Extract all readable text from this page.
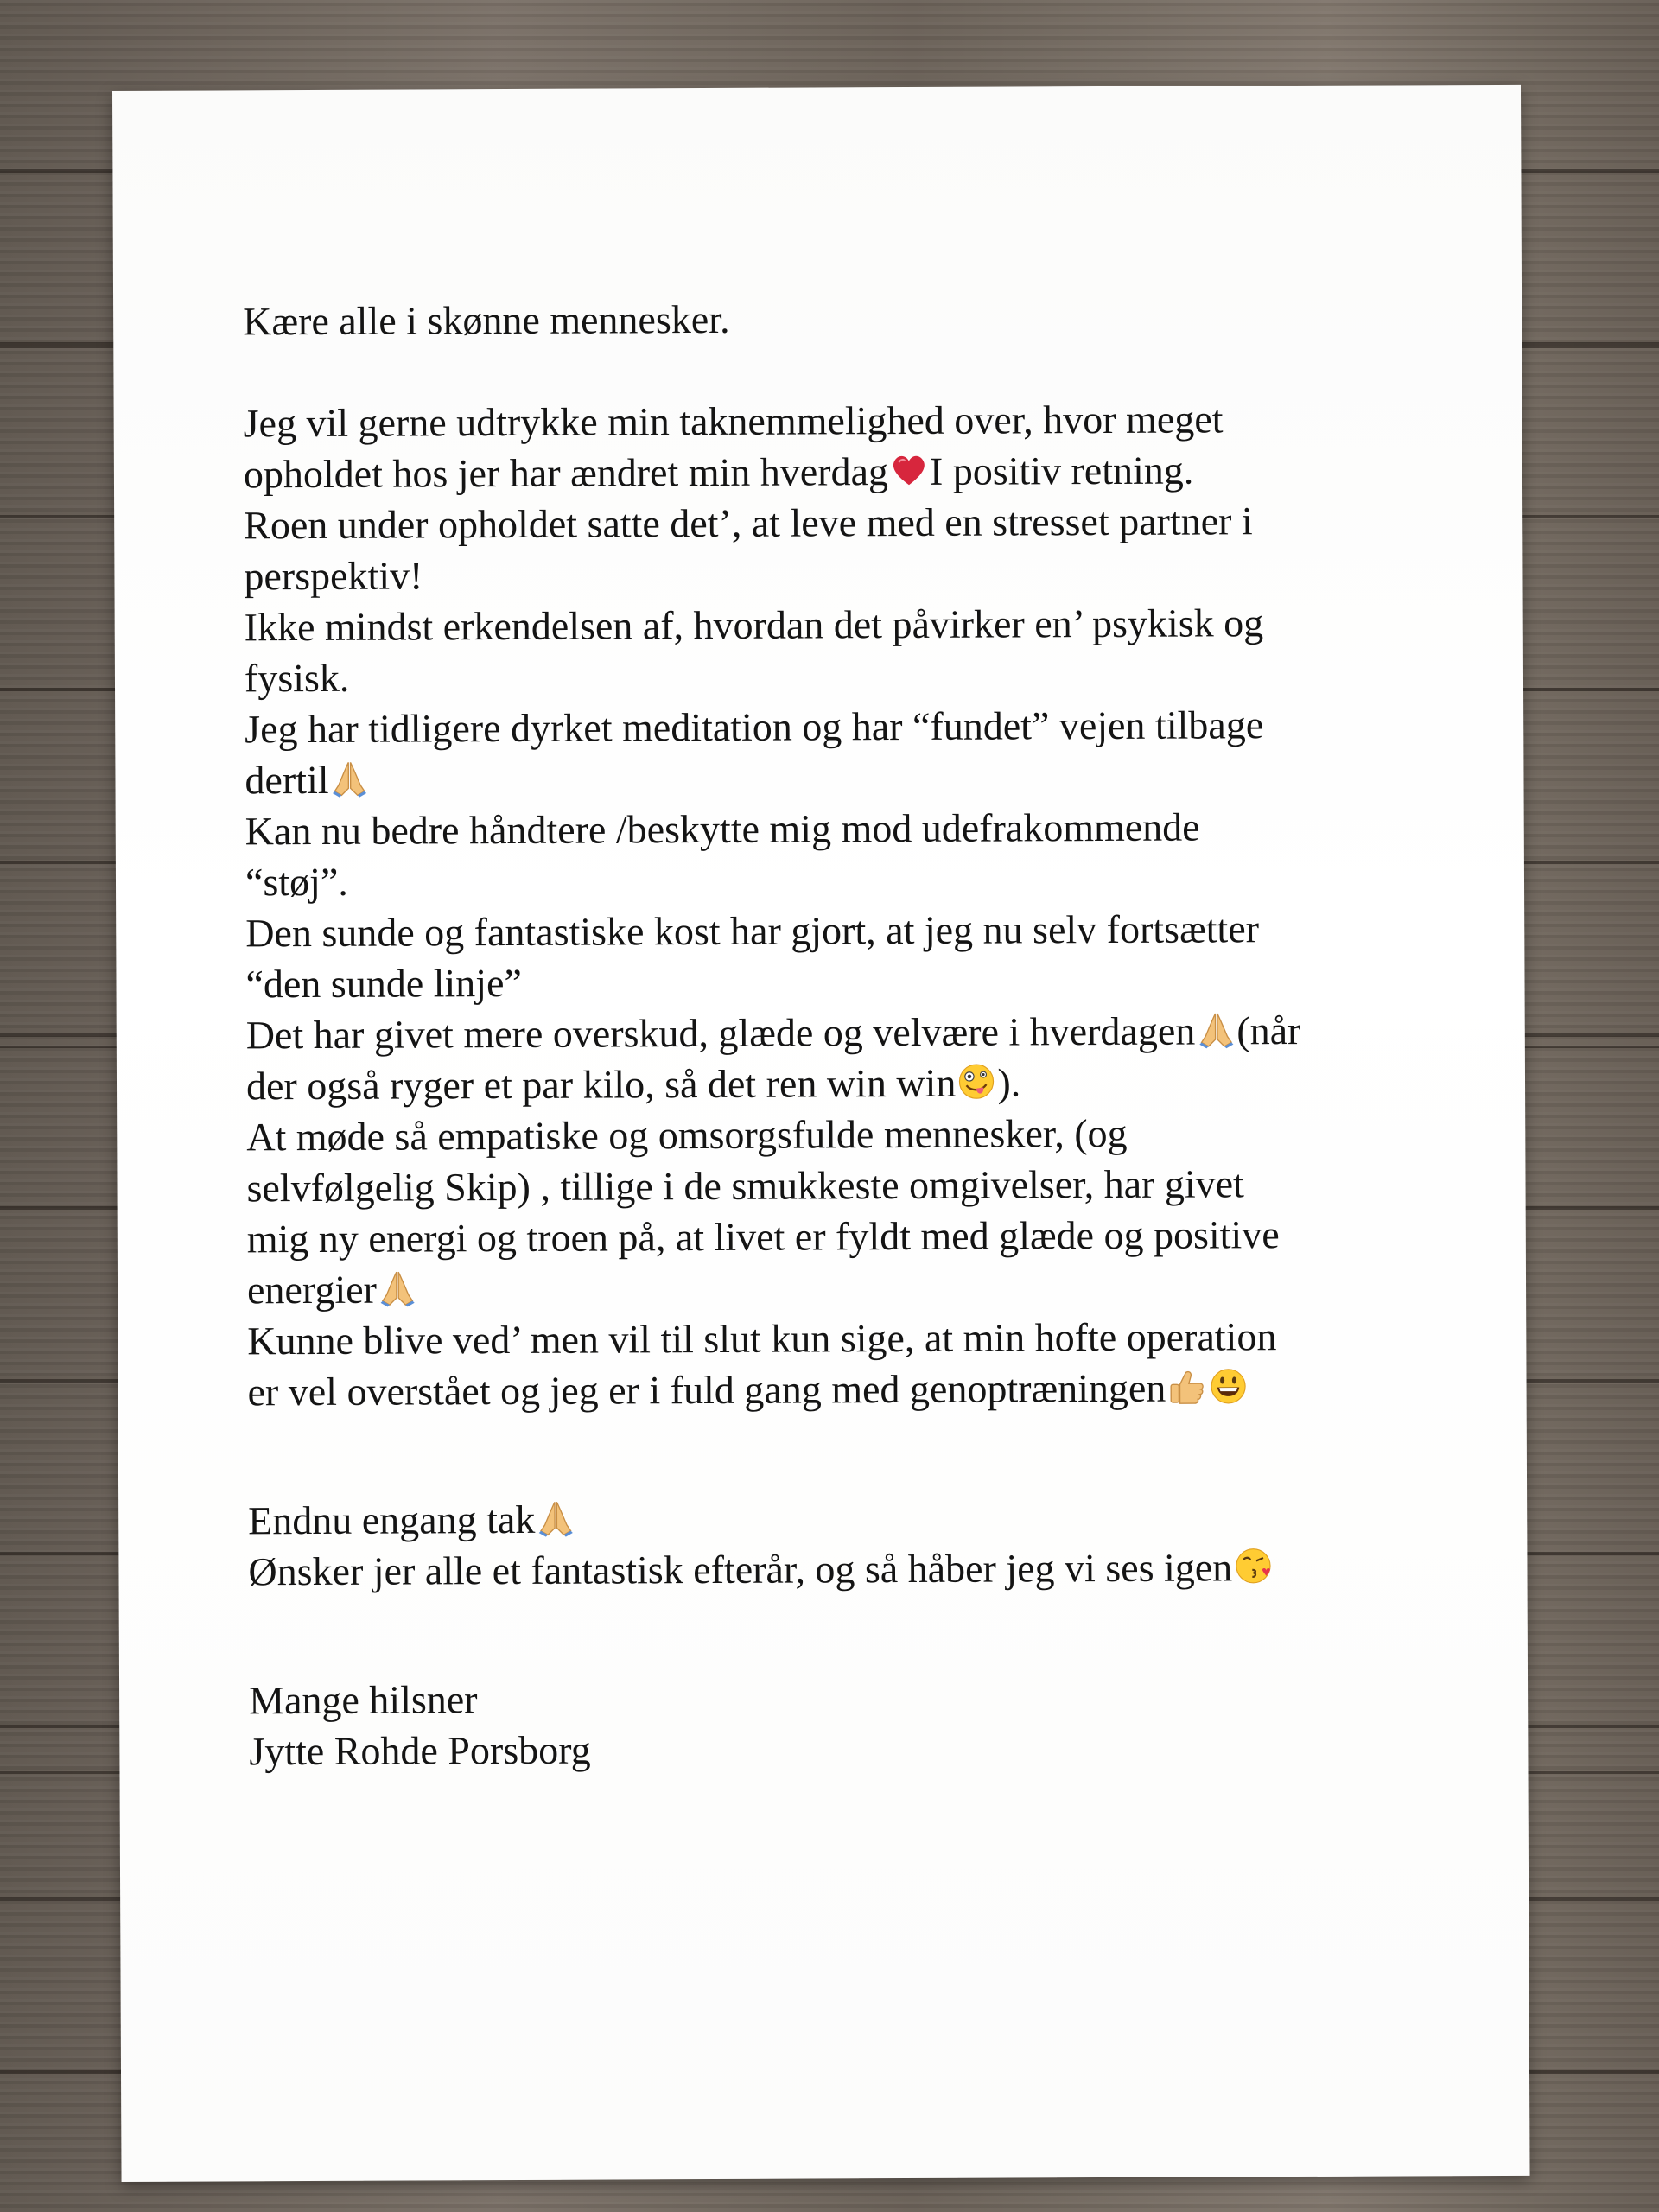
Kære alle i skønne mennesker.
Jeg vil gerne udtrykke min taknemmelighed over, hvor meget
opholdet hos jer har ændret min hverdag I positiv retning.
Roen under opholdet satte det’, at leve med en stresset partner i
perspektiv!
Ikke mindst erkendelsen af, hvordan det påvirker en’ psykisk og
fysisk.
Jeg har tidligere dyrket meditation og har “fundet” vejen tilbage
dertil
Kan nu bedre håndtere /beskytte mig mod udefrakommende
“støj”.
Den sunde og fantastiske kost har gjort, at jeg nu selv fortsætter
“den sunde linje”
Det har givet mere overskud, glæde og velvære i hverdagen (når
der også ryger et par kilo, så det ren win win ).
At møde så empatiske og omsorgsfulde mennesker, (og
selvfølgelig Skip) , tillige i de smukkeste omgivelser, har givet
mig ny energi og troen på, at livet er fyldt med glæde og positive
energier
Kunne blive ved’ men vil til slut kun sige, at min hofte operation
er vel overstået og jeg er i fuld gang med genoptræningen
Endnu engang tak
Ønsker jer alle et fantastisk efterår, og så håber jeg vi ses igen
Mange hilsner
Jytte Rohde Porsborg
